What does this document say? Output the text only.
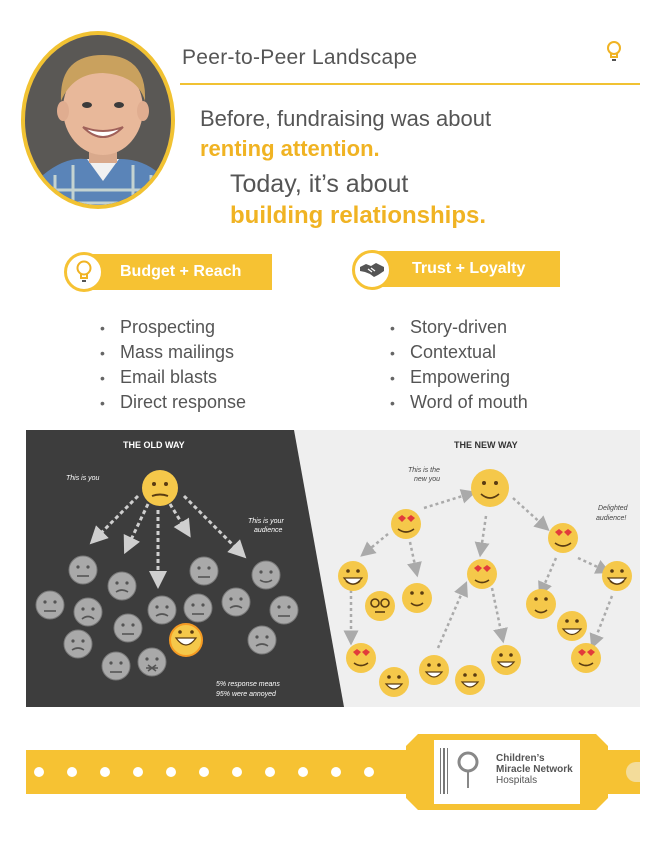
Peer-to-Peer Landscape
Before, fundraising was about
renting attention.
Today, it’s about
building relationships.
Budget + Reach	Trust + Loyalty
• Prospecting
• Mass mailings
• Email blasts
• Direct response
• Story-driven
• Contextual
• Empowering
• Word of mouth
THE OLD WAY
This is you
This is your
audience
5% response means
95% were annoyed
THE NEW WAY
This is the
new you
Delighted
audience!
Children’s
Miracle Network
Hospitals
